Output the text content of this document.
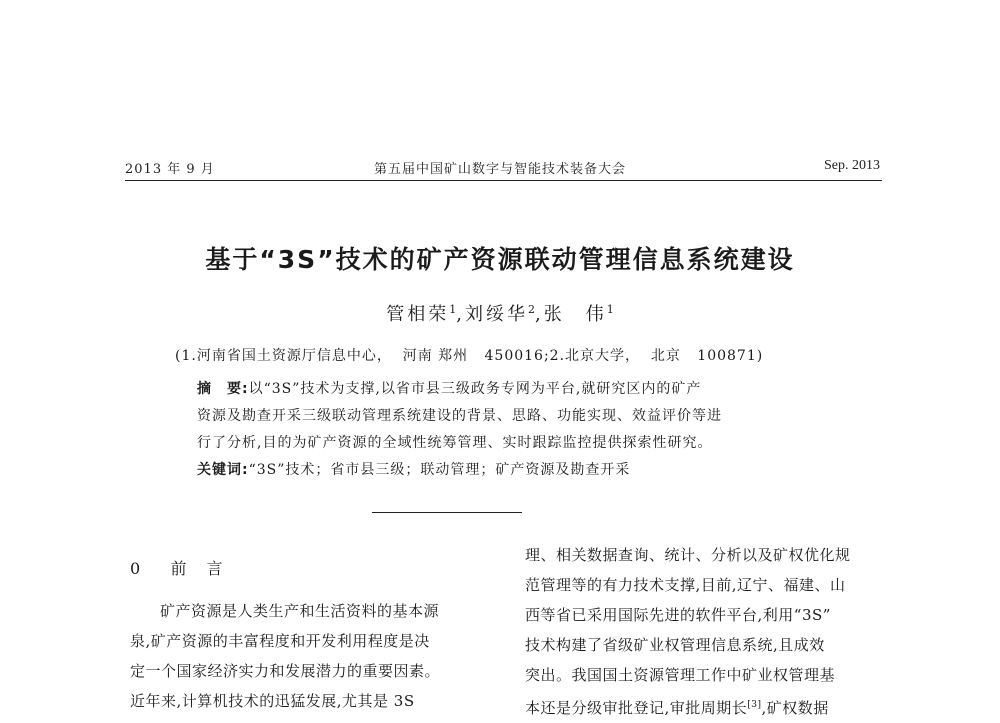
2013 年 9 月	第五届中国矿山数字与智能技术装备大会	Sep. 2013
基于“3S”技术的矿产资源联动管理信息系统建设
管相荣$^1$,刘绥华$^2$,张　伟$^1$
(1.河南省国土资源厅信息中心，  河南 郑州   450016;2.北京大学，  北京   100871)
摘　要:以“3S”技术为支撑,以省市县三级政务专网为平台,就研究区内的矿产
资源及勘查开采三级联动管理系统建设的背景、思路、功能实现、效益评价等进
行了分析,目的为矿产资源的全域性统筹管理、实时跟踪监控提供探索性研究。
关键词:“3S”技术；省市县三级；联动管理；矿产资源及勘查开采
0 前　言
矿产资源是人类生产和生活资料的基本源
泉,矿产资源的丰富程度和开发利用程度是决
定一个国家经济实力和发展潜力的重要因素。
近年来,计算机技术的迅猛发展,尤其是 3S
理、相关数据查询、统计、分析以及矿权优化规
范管理等的有力技术支撑,目前,辽宁、福建、山
西等省已采用国际先进的软件平台,利用“3S”
技术构建了省级矿业权管理信息系统,且成效
突出。我国国土资源管理工作中矿业权管理基
本还是分级审批登记,审批周期长[3],矿权数据
